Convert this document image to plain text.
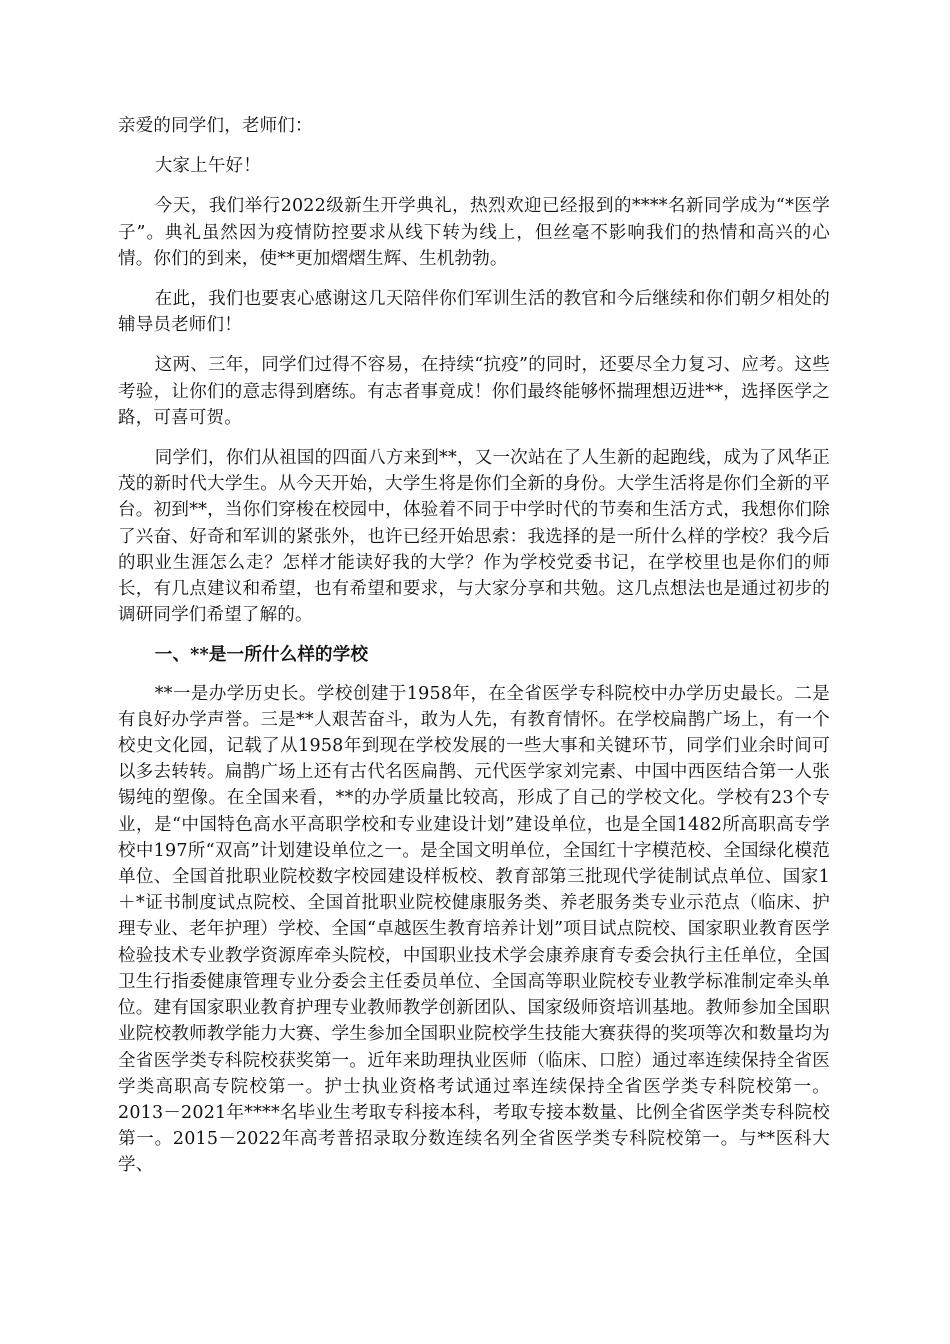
亲爱的同学们，老师们：

大家上午好！

今天，我们举行2022级新生开学典礼，热烈欢迎已经报到的****名新同学成为“*医学子”。典礼虽然因为疫情防控要求从线下转为线上，但丝毫不影响我们的热情和高兴的心情。你们的到来，使**更加熠熠生辉、生机勃勃。

在此，我们也要衷心感谢这几天陪伴你们军训生活的教官和今后继续和你们朝夕相处的辅导员老师们！

这两、三年，同学们过得不容易，在持续“抗疫”的同时，还要尽全力复习、应考。这些考验，让你们的意志得到磨练。有志者事竟成！你们最终能够怀揣理想迈进**，选择医学之路，可喜可贺。

同学们，你们从祖国的四面八方来到**，又一次站在了人生新的起跑线，成为了风华正茂的新时代大学生。从今天开始，大学生将是你们全新的身份。大学生活将是你们全新的平台。初到**，当你们穿梭在校园中，体验着不同于中学时代的节奏和生活方式，我想你们除了兴奋、好奇和军训的紧张外，也许已经开始思索：我选择的是一所什么样的学校？我今后的职业生涯怎么走？怎样才能读好我的大学？作为学校党委书记，在学校里也是你们的师长，有几点建议和希望，也有希望和要求，与大家分享和共勉。这几点想法也是通过初步的调研同学们希望了解的。

一、**是一所什么样的学校

**一是办学历史长。学校创建于1958年，在全省医学专科院校中办学历史最长。二是有良好办学声誉。三是**人艰苦奋斗，敢为人先，有教育情怀。在学校扁鹊广场上，有一个校史文化园，记载了从1958年到现在学校发展的一些大事和关键环节，同学们业余时间可以多去转转。扁鹊广场上还有古代名医扁鹊、元代医学家刘完素、中国中西医结合第一人张锡纯的塑像。在全国来看，**的办学质量比较高，形成了自己的学校文化。学校有23个专业，是“中国特色高水平高职学校和专业建设计划”建设单位，也是全国1482所高职高专学校中197所“双高”计划建设单位之一。是全国文明单位，全国红十字模范校、全国绿化模范单位、全国首批职业院校数字校园建设样板校、教育部第三批现代学徒制试点单位、国家1＋*证书制度试点院校、全国首批职业院校健康服务类、养老服务类专业示范点（临床、护理专业、老年护理）学校、全国“卓越医生教育培养计划”项目试点院校、国家职业教育医学检验技术专业教学资源库牵头院校，中国职业技术学会康养康育专委会执行主任单位，全国卫生行指委健康管理专业分委会主任委员单位、全国高等职业院校专业教学标准制定牵头单位。建有国家职业教育护理专业教师教学创新团队、国家级师资培训基地。教师参加全国职业院校教师教学能力大赛、学生参加全国职业院校学生技能大赛获得的奖项等次和数量均为全省医学类专科院校获奖第一。近年来助理执业医师（临床、口腔）通过率连续保持全省医学类高职高专院校第一。护士执业资格考试通过率连续保持全省医学类专科院校第一。2013－2021年****名毕业生考取专科接本科，考取专接本数量、比例全省医学类专科院校第一。2015－2022年高考普招录取分数连续名列全省医学类专科院校第一。与**医科大学、
